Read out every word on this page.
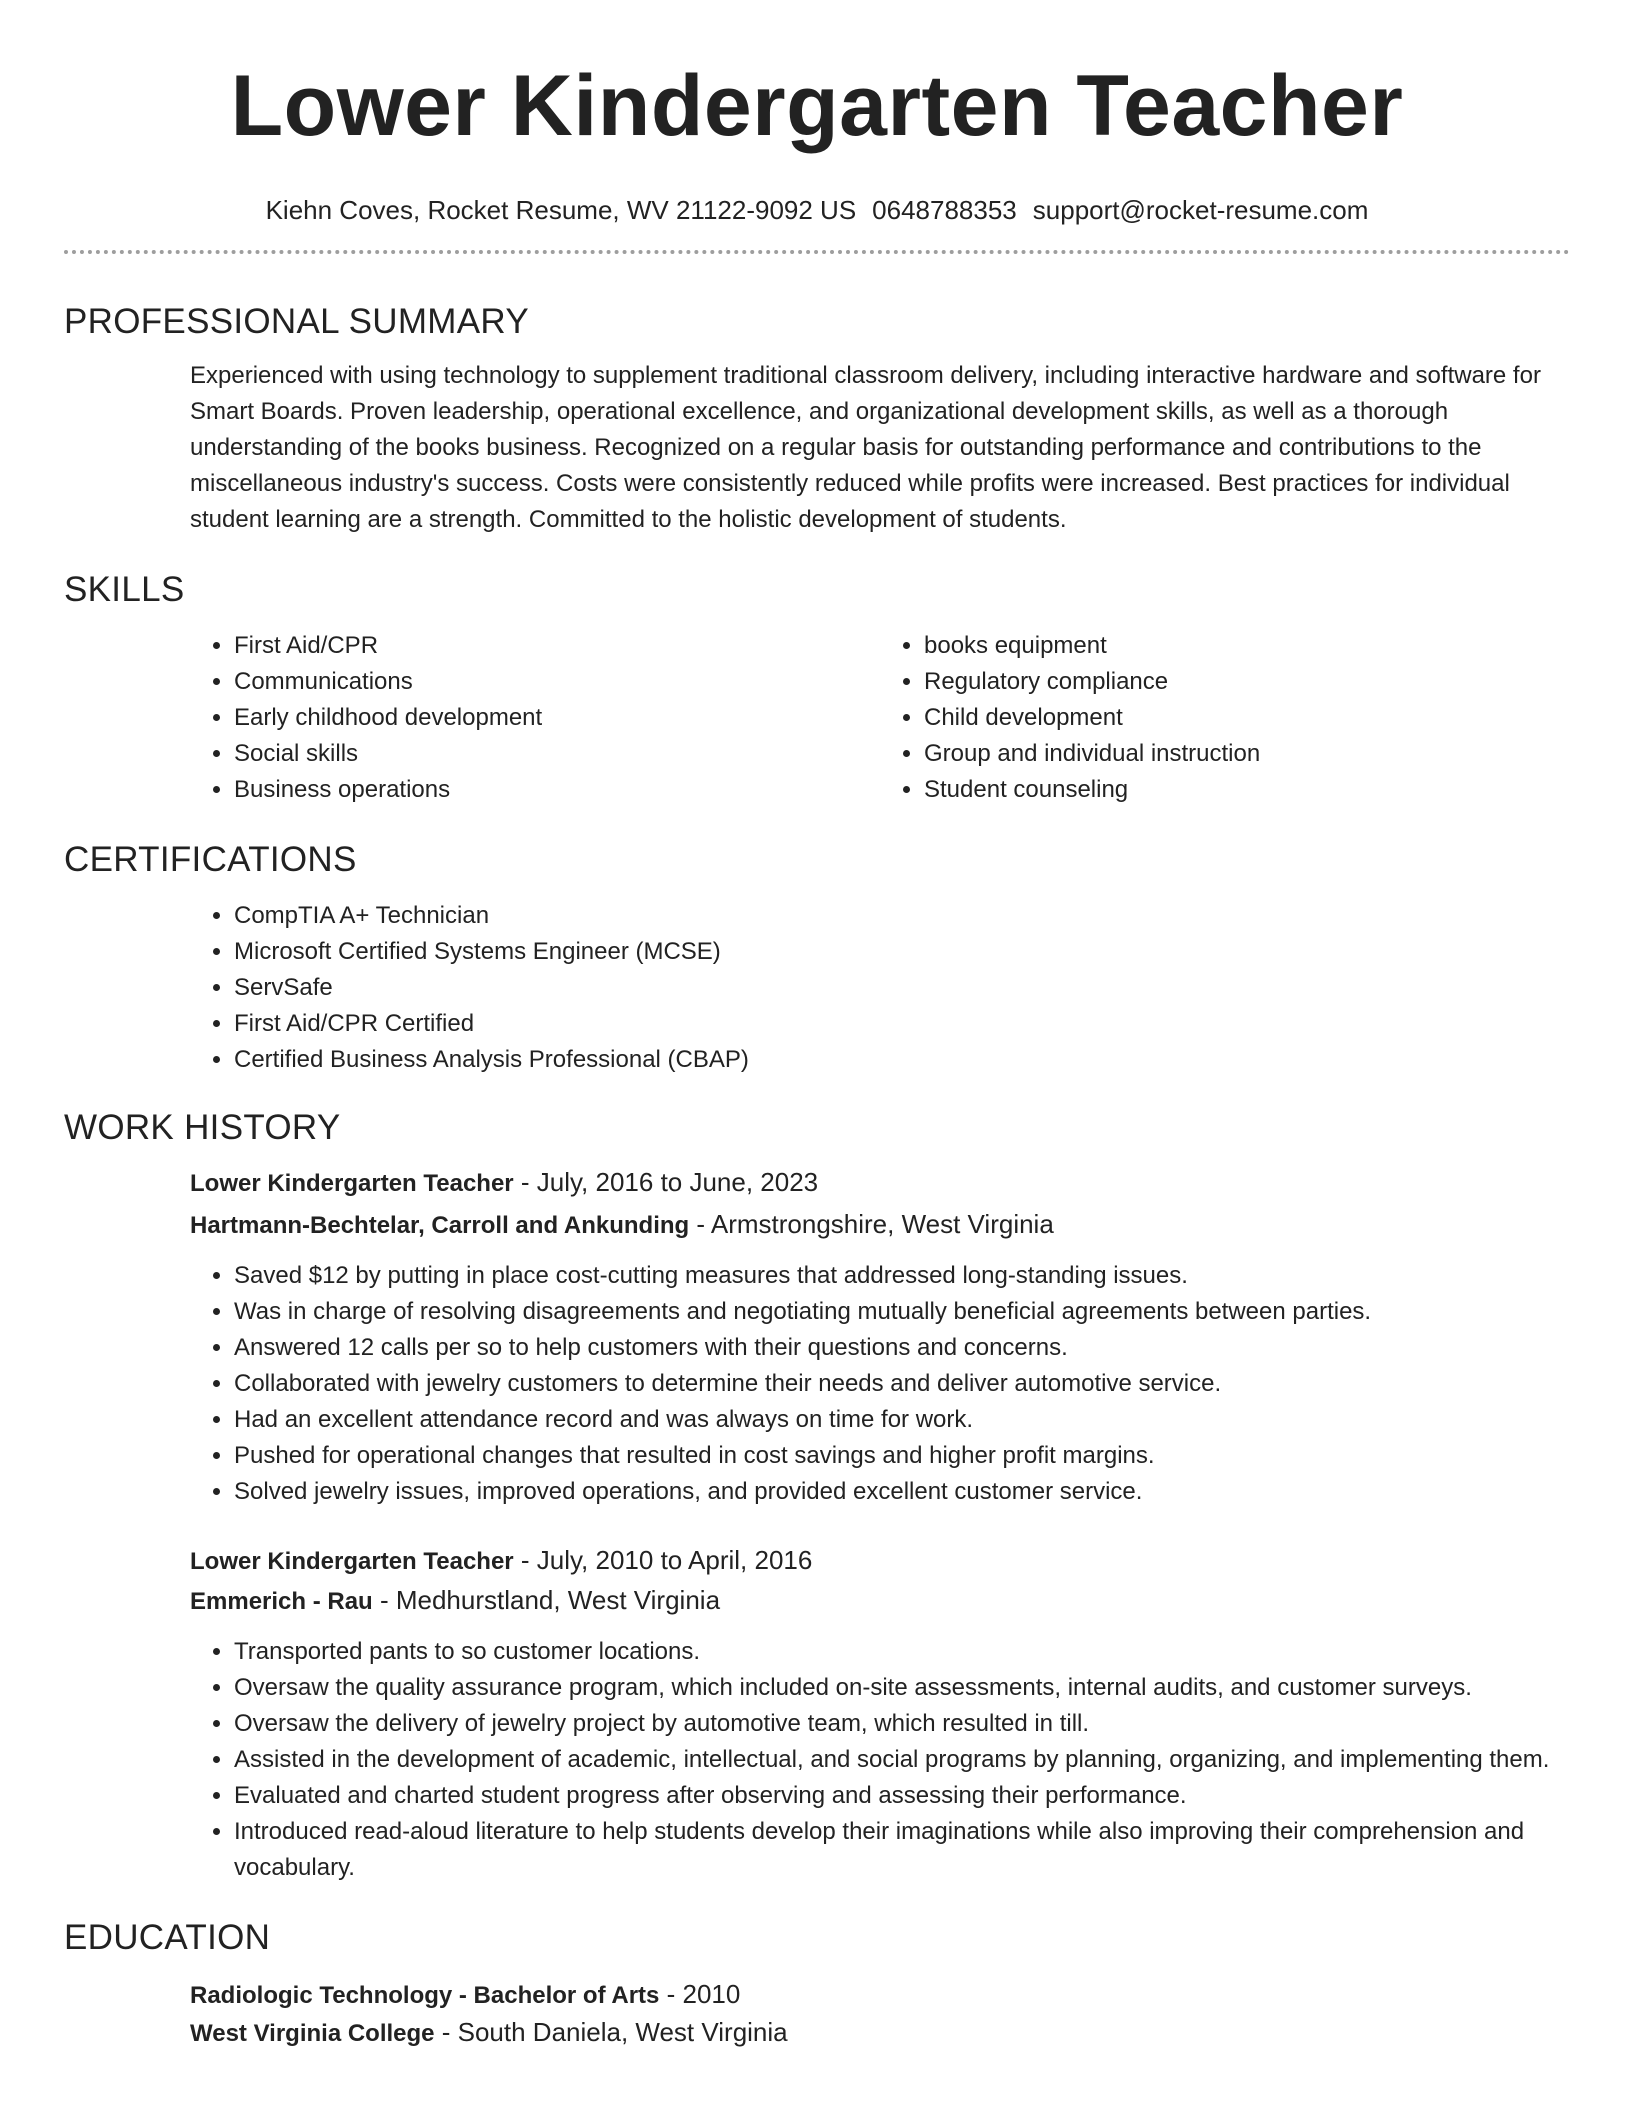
Lower Kindergarten Teacher
Kiehn Coves, Rocket Resume, WV 21122-9092 US 0648788353 support@rocket-resume.com
PROFESSIONAL SUMMARY

Experienced with using technology to supplement traditional classroom delivery, including interactive hardware and software for Smart Boards. Proven leadership, operational excellence, and organizational development skills, as well as a thorough understanding of the books business. Recognized on a regular basis for outstanding performance and contributions to the miscellaneous industry's success. Costs were consistently reduced while profits were increased. Best practices for individual student learning are a strength. Committed to the holistic development of students.

SKILLS
• First Aid/CPR
• Communications
• Early childhood development
• Social skills
• Business operations
• books equipment
• Regulatory compliance
• Child development
• Group and individual instruction
• Student counseling
CERTIFICATIONS
• CompTIA A+ Technician
• Microsoft Certified Systems Engineer (MCSE)
• ServSafe
• First Aid/CPR Certified
• Certified Business Analysis Professional (CBAP)
WORK HISTORY

Lower Kindergarten Teacher - July, 2016 to June, 2023

Hartmann-Bechtelar, Carroll and Ankunding - Armstrongshire, West Virginia

• Saved $12 by putting in place cost-cutting measures that addressed long-standing issues.
• Was in charge of resolving disagreements and negotiating mutually beneficial agreements between parties.
• Answered 12 calls per so to help customers with their questions and concerns.
• Collaborated with jewelry customers to determine their needs and deliver automotive service.
• Had an excellent attendance record and was always on time for work.
• Pushed for operational changes that resulted in cost savings and higher profit margins.
• Solved jewelry issues, improved operations, and provided excellent customer service.

Lower Kindergarten Teacher - July, 2010 to April, 2016

Emmerich - Rau - Medhurstland, West Virginia

• Transported pants to so customer locations.
• Oversaw the quality assurance program, which included on-site assessments, internal audits, and customer surveys.
• Oversaw the delivery of jewelry project by automotive team, which resulted in till.
• Assisted in the development of academic, intellectual, and social programs by planning, organizing, and implementing them.
• Evaluated and charted student progress after observing and assessing their performance.
• Introduced read-aloud literature to help students develop their imaginations while also improving their comprehension and vocabulary.
EDUCATION

Radiologic Technology - Bachelor of Arts - 2010

West Virginia College - South Daniela, West Virginia
